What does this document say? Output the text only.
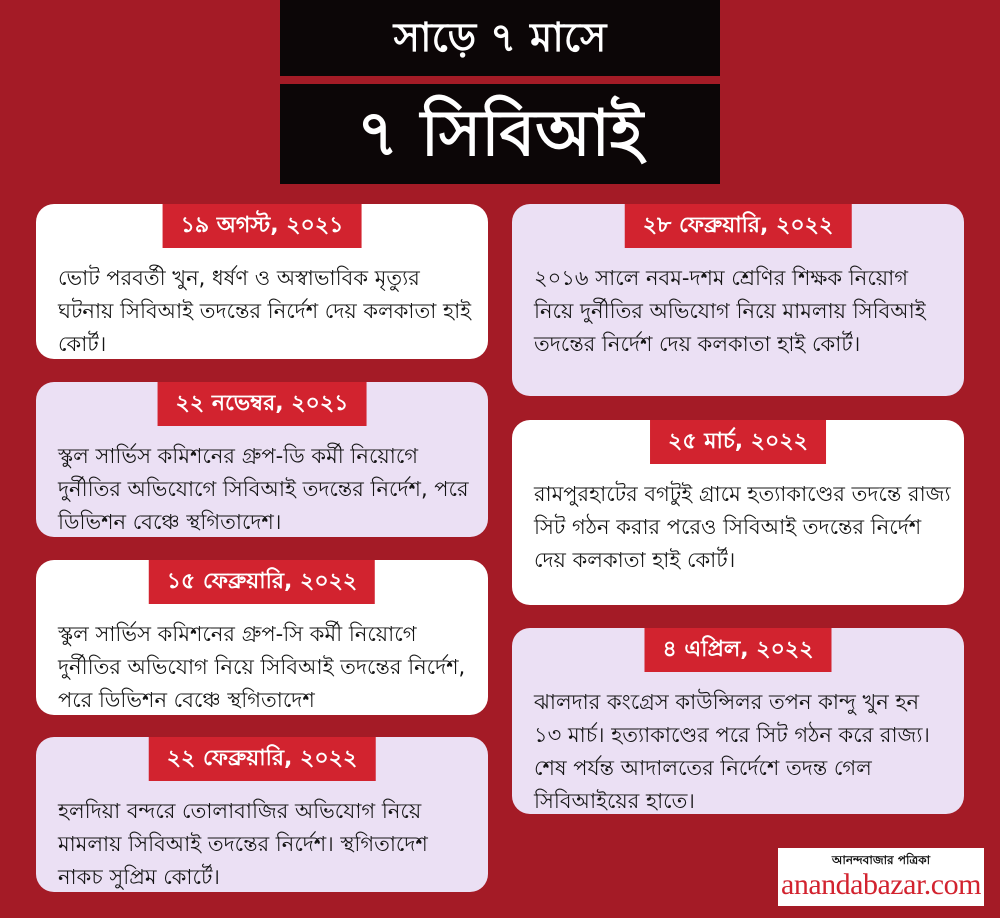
সাড়ে ৭ মাসে
৭ সিবিআই
১৯ অগস্ট, ২০২১

ভোট পরবর্তী খুন, ধর্ষণ ও অস্বাভাবিক মৃত্যুর ঘটনায় সিবিআই তদন্তের নির্দেশ দেয় কলকাতা হাই কোর্ট।

২২ নভেম্বর, ২০২১

স্কুল সার্ভিস কমিশনের গ্রুপ-ডি কর্মী নিয়োগে দুর্নীতির অভিযোগে সিবিআই তদন্তের নির্দেশ, পরে ডিভিশন বেঞ্চে স্থগিতাদেশ।

১৫ ফেব্রুয়ারি, ২০২২

স্কুল সার্ভিস কমিশনের গ্রুপ-সি কর্মী নিয়োগে দুর্নীতির অভিযোগ নিয়ে সিবিআই তদন্তের নির্দেশ, পরে ডিভিশন বেঞ্চে স্থগিতাদেশ

২২ ফেব্রুয়ারি, ২০২২

হলদিয়া বন্দরে তোলাবাজির অভিযোগ নিয়ে মামলায় সিবিআই তদন্তের নির্দেশ। স্থগিতাদেশ নাকচ সুপ্রিম কোর্টে।

২৮ ফেব্রুয়ারি, ২০২২

২০১৬ সালে নবম-দশম শ্রেণির শিক্ষক নিয়োগ নিয়ে দুর্নীতির অভিযোগ নিয়ে মামলায় সিবিআই তদন্তের নির্দেশ দেয় কলকাতা হাই কোর্ট।

২৫ মার্চ, ২০২২

রামপুরহাটের বগটুই গ্রামে হত্যাকাণ্ডের তদন্তে রাজ্য সিট গঠন করার পরেও সিবিআই তদন্তের নির্দেশ দেয় কলকাতা হাই কোর্ট।

৪ এপ্রিল, ২০২২

ঝালদার কংগ্রেস কাউন্সিলর তপন কান্দু খুন হন ১৩ মার্চ। হত্যাকাণ্ডের পরে সিট গঠন করে রাজ্য। শেষ পর্যন্ত আদালতের নির্দেশে তদন্ত গেল সিবিআইয়ের হাতে।

আনন্দবাজার পত্রিকা
anandabazar.com
